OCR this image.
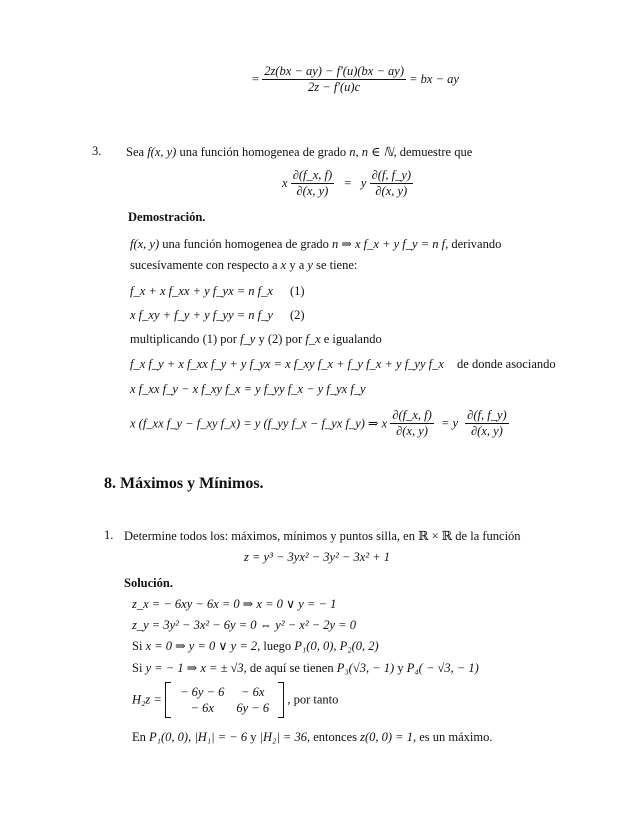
= $\frac{2z(bx - ay) - f'(u)(bx - ay)}{2z - f'(u)c}$ = bx − ay
3. Sea f(x, y) una función homogenea de grado n, n ∈ ℕ, demuestre que
x $\frac{\partial(f\_x, f)}{\partial(x, y)} = y \frac{\partial(f, f\_y)}{\partial(x, y)}$
Demostración.
f(x, y) una función homogenea de grado n ⇒ x f_x + y f_y = n f, derivando
sucesívamente con respecto a x y a y se tiene:
f_x + x f_xx + y f_yx = n f_x (1)
x f_xy + f_y + y f_yy = n f_y (2)
multiplicando (1) por f_y y (2) por f_x e igualando
f_x f_y + x f_xx f_y + y f_yx = x f_xy f_x + f_y f_x + y f_yy f_x de donde asociando
x f_xx f_y − x f_xy f_x = y f_yy f_x − y f_yx f_y
x (f_xx f_y − f_xy f_x) = y (f_yy f_x − f_yx f_y) ⇒ x $\frac{\partial(f\_x, f)}{\partial(x, y)} = y \frac{\partial(f, f\_y)}{\partial(x, y)}$
8. Máximos y Mínimos.
1. Determine todos los: máximos, mínimos y puntos silla, en ℝ × ℝ de la función
z = y³ − 3yx² − 3y² − 3x² + 1
Solución.
z_x = − 6xy − 6x = 0 ⇒ x = 0 ∨ y = − 1
z_y = 3y² − 3x² − 6y = 0 ⇔ y² − x² − 2y = 0
Si x = 0 ⇒ y = 0 ∨ y = 2, luego P₁(0, 0), P₂(0, 2)
Si y = − 1 ⇒ x = ± √3, de aquí se tienen P₃(√3, − 1) y P₄( − √3, − 1)
H₂z =
− 6y − 6	− 6x
− 6x	6y − 6
, por tanto
En P₁(0, 0), |H₁| = − 6 y |H₂| = 36, entonces z(0, 0) = 1, es un máximo.
